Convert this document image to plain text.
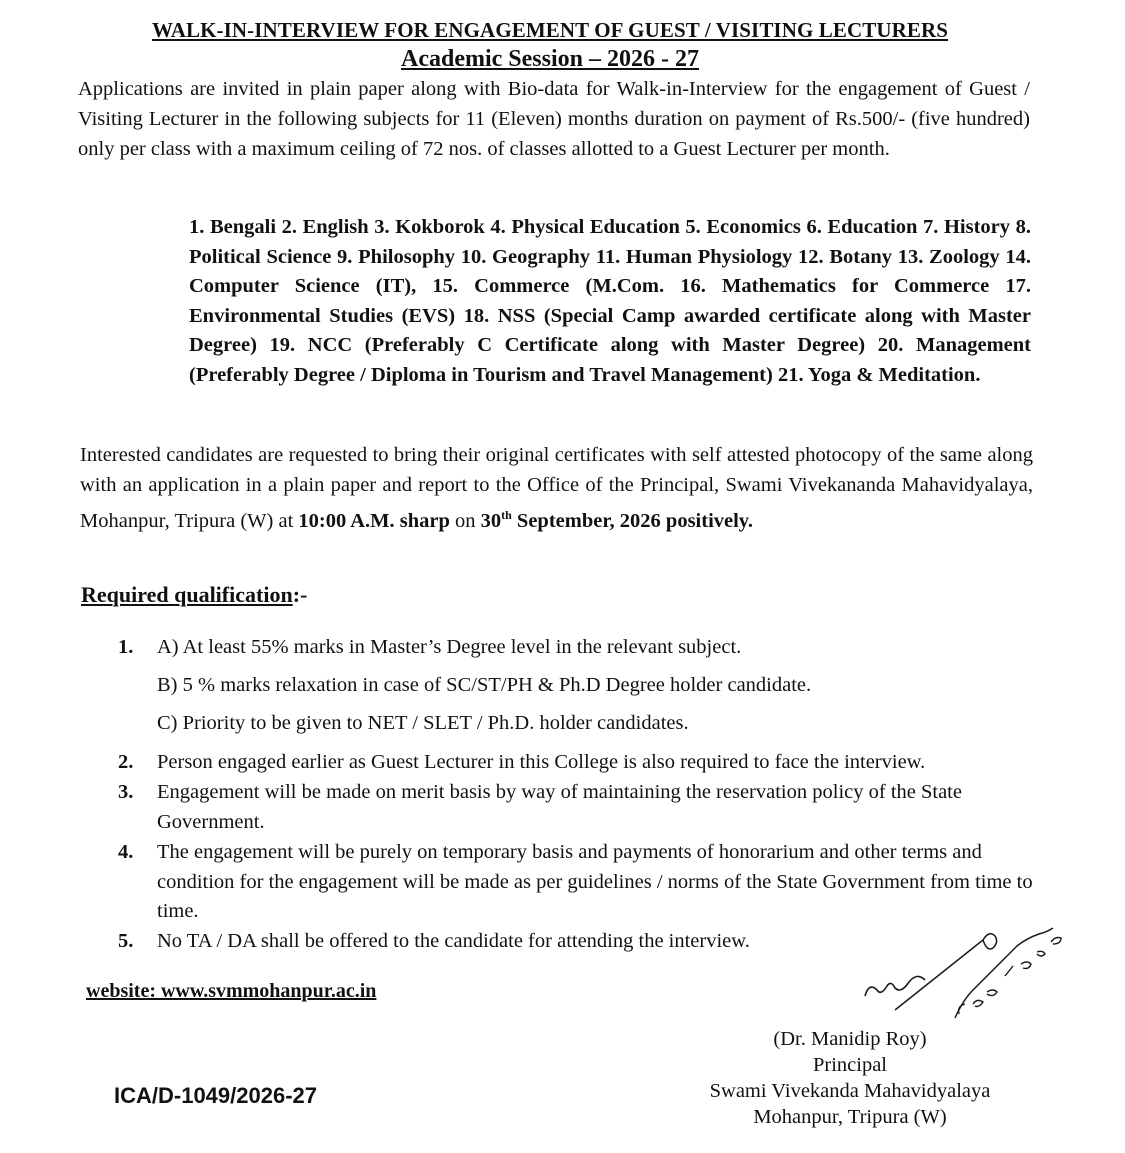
WALK-IN-INTERVIEW FOR ENGAGEMENT OF GUEST / VISITING LECTURERS
Academic Session – 2026 - 27
Applications are invited in plain paper along with Bio-data for Walk-in-Interview for the engagement of Guest / Visiting Lecturer in the following subjects for 11 (Eleven) months duration on payment of Rs.500/- (five hundred) only per class with a maximum ceiling of 72 nos. of classes allotted to a Guest Lecturer per month.
1. Bengali 2. English 3. Kokborok 4. Physical Education 5. Economics 6. Education 7. History 8. Political Science 9. Philosophy 10. Geography 11. Human Physiology 12. Botany 13. Zoology 14. Computer Science (IT), 15. Commerce (M.Com. 16. Mathematics for Commerce 17. Environmental Studies (EVS) 18. NSS (Special Camp awarded certificate along with Master Degree) 19. NCC (Preferably C Certificate along with Master Degree) 20. Management (Preferably Degree / Diploma in Tourism and Travel Management) 21. Yoga & Meditation.
Interested candidates are requested to bring their original certificates with self attested photocopy of the same along with an application in a plain paper and report to the Office of the Principal, Swami Vivekananda Mahavidyalaya, Mohanpur, Tripura (W) at 10:00 A.M. sharp on 30th September, 2026 positively.
Required qualification:-
1.	A) At least 55% marks in Master’s Degree level in the relevant subject.
B) 5 % marks relaxation in case of SC/ST/PH & Ph.D Degree holder candidate.
C) Priority to be given to NET / SLET / Ph.D. holder candidates.
2.	Person engaged earlier as Guest Lecturer in this College is also required to face the interview.
3.	Engagement will be made on merit basis by way of maintaining the reservation policy of the State Government.
4.	The engagement will be purely on temporary basis and payments of honorarium and other terms and condition for the engagement will be made as per guidelines / norms of the State Government from time to time.
5.	No TA / DA shall be offered to the candidate for attending the interview.
website: www.svmmohanpur.ac.in
ICA/D-1049/2026-27
(Dr. Manidip Roy)
Principal
Swami Vivekanda Mahavidyalaya
Mohanpur, Tripura (W)
